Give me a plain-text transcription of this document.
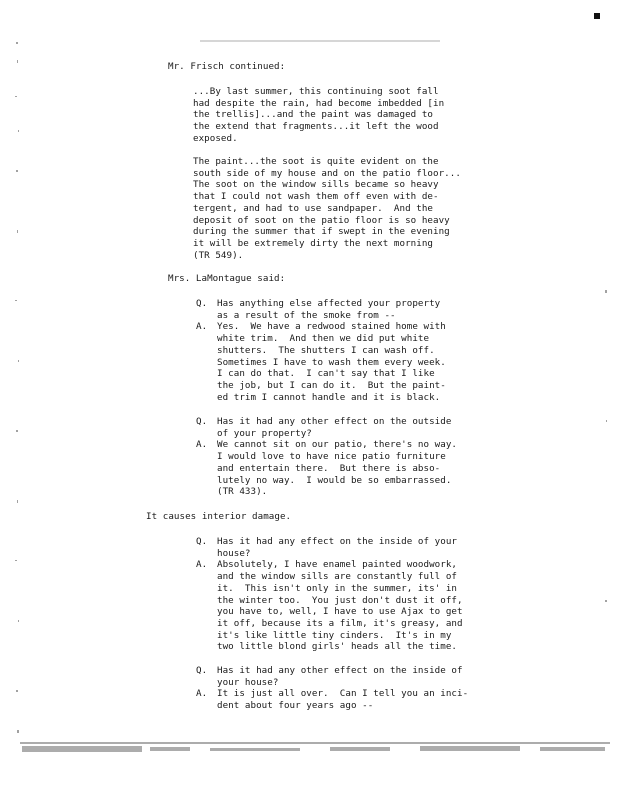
Mr. Frisch continued:
...By last summer, this continuing soot fall
had despite the rain, had become imbedded [in
the trellis]...and the paint was damaged to
the extend that fragments...it left the wood
exposed.
The paint...the soot is quite evident on the
south side of my house and on the patio floor...
The soot on the window sills became so heavy
that I could not wash them off even with de-
tergent, and had to use sandpaper.  And the
deposit of soot on the patio floor is so heavy
during the summer that if swept in the evening
it will be extremely dirty the next morning
(TR 549).
Mrs. LaMontague said:
Q. Has anything else affected your property
as a result of the smoke from --
A. Yes.  We have a redwood stained home with
white trim.  And then we did put white
shutters.  The shutters I can wash off.
Sometimes I have to wash them every week.
I can do that.  I can't say that I like
the job, but I can do it.  But the paint-
ed trim I cannot handle and it is black.
Q. Has it had any other effect on the outside
of your property?
A. We cannot sit on our patio, there's no way.
I would love to have nice patio furniture
and entertain there.  But there is abso-
lutely no way.  I would be so embarrassed.
(TR 433).
It causes interior damage.
Q. Has it had any effect on the inside of your
house?
A. Absolutely, I have enamel painted woodwork,
and the window sills are constantly full of
it.  This isn't only in the summer, its' in
the winter too.  You just don't dust it off,
you have to, well, I have to use Ajax to get
it off, because its a film, it's greasy, and
it's like little tiny cinders.  It's in my
two little blond girls' heads all the time.
Q. Has it had any other effect on the inside of
your house?
A. It is just all over.  Can I tell you an inci-
dent about four years ago --
